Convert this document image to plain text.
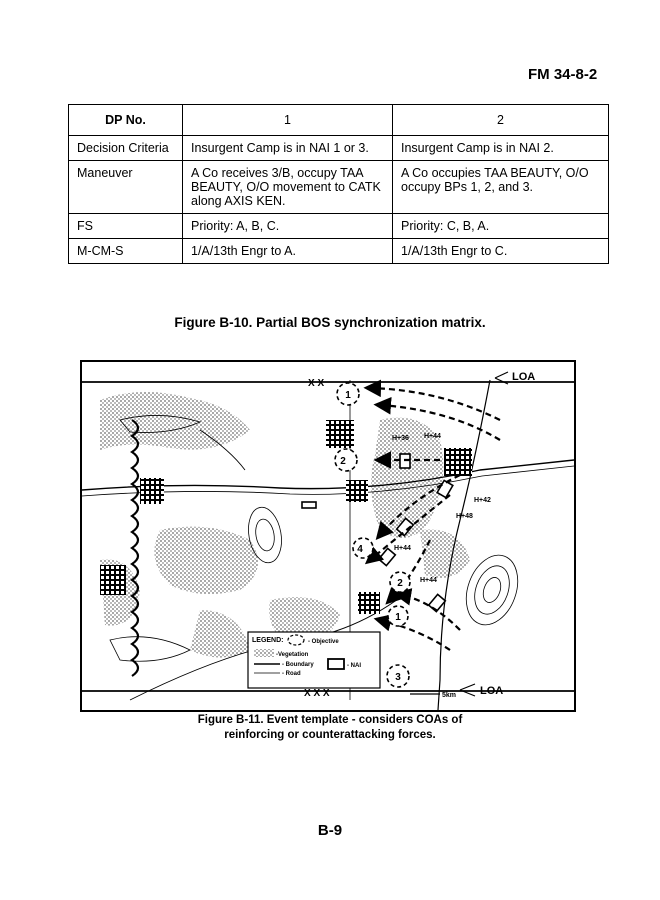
FM 34-8-2
DP No.	1	2
Decision Criteria	Insurgent Camp is in NAI 1 or 3.	Insurgent Camp is in NAI 2.
Maneuver	A Co receives 3/B, occupy TAA BEAUTY, O/O movement to CATK along AXIS KEN.	A Co occupies TAA BEAUTY, O/O occupy BPs 1, 2, and 3.
FS	Priority: A, B, C.	Priority: C, B, A.
M-CM-S	1/A/13th Engr to A.	1/A/13th Engr to C.
Figure B-10. Partial BOS synchronization matrix.
X X
X X X
LOA
LOA
2
4
2
1
3
1
H+36 H+44
H+42
H+48
H+44
H+44
5km
LEGEND:	- Objective
-Vegetation
- Boundary
- Road
- NAI
Figure B-11. Event template - considers COAs of
reinforcing or counterattacking forces.
B-9
